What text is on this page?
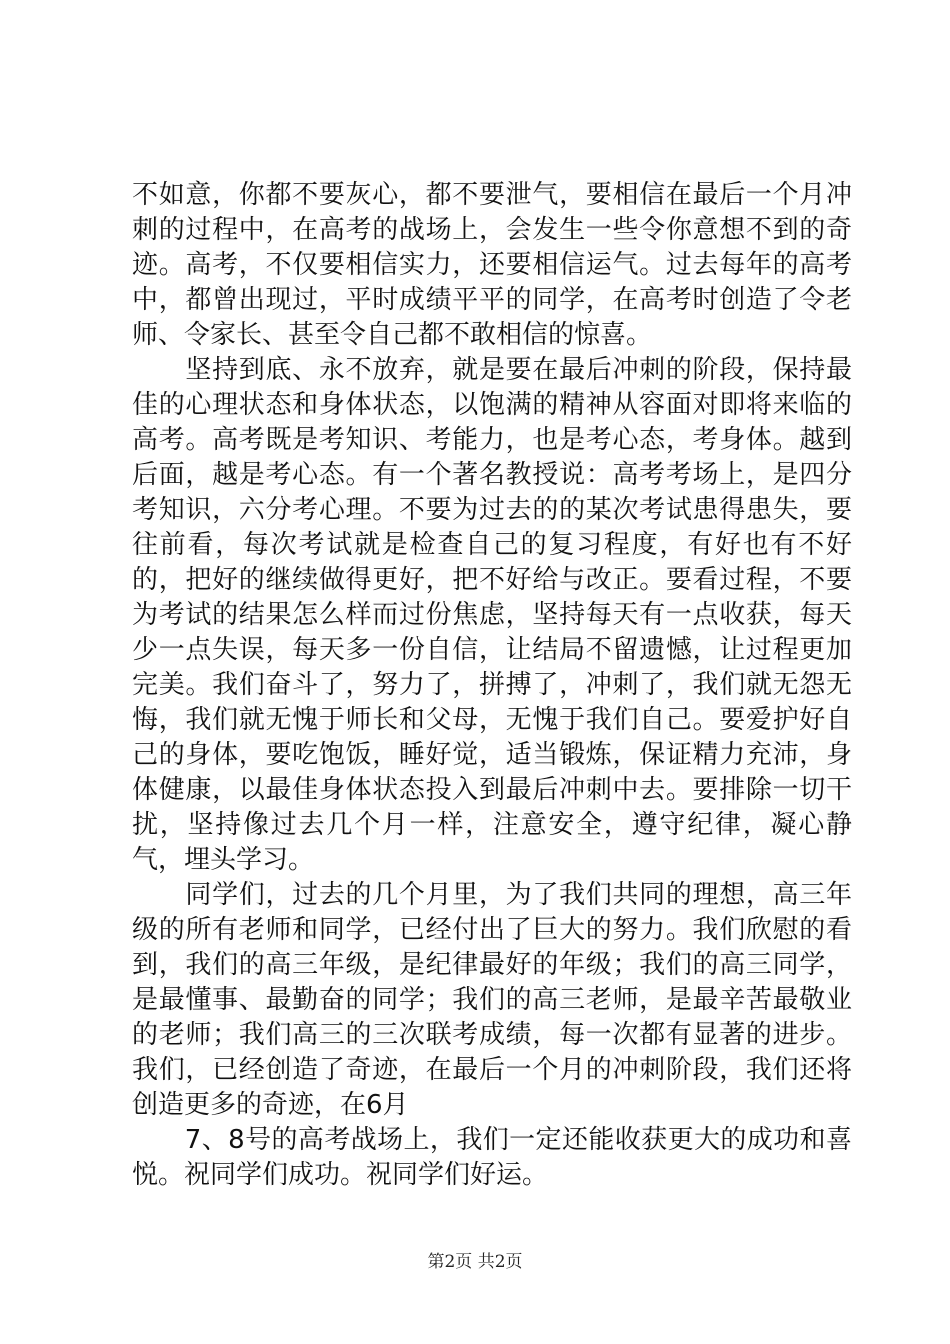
不如意，你都不要灰心，都不要泄气，要相信在最后一个月冲刺的过程中，在高考的战场上，会发生一些令你意想不到的奇迹。高考，不仅要相信实力，还要相信运气。过去每年的高考中，都曾出现过，平时成绩平平的同学，在高考时创造了令老师、令家长、甚至令自己都不敢相信的惊喜。

　　坚持到底、永不放弃，就是要在最后冲刺的阶段，保持最佳的心理状态和身体状态，以饱满的精神从容面对即将来临的高考。高考既是考知识、考能力，也是考心态，考身体。越到后面，越是考心态。有一个著名教授说：高考考场上，是四分考知识，六分考心理。不要为过去的的某次考试患得患失，要往前看，每次考试就是检查自己的复习程度，有好也有不好的，把好的继续做得更好，把不好给与改正。要看过程，不要为考试的结果怎么样而过份焦虑，坚持每天有一点收获，每天少一点失误，每天多一份自信，让结局不留遗憾，让过程更加完美。我们奋斗了，努力了，拼搏了，冲刺了，我们就无怨无悔，我们就无愧于师长和父母，无愧于我们自己。要爱护好自己的身体，要吃饱饭，睡好觉，适当锻炼，保证精力充沛，身体健康，以最佳身体状态投入到最后冲刺中去。要排除一切干扰，坚持像过去几个月一样，注意安全，遵守纪律，凝心静气，埋头学习。

　　同学们，过去的几个月里，为了我们共同的理想，高三年级的所有老师和同学，已经付出了巨大的努力。我们欣慰的看到，我们的高三年级，是纪律最好的年级；我们的高三同学，是最懂事、最勤奋的同学；我们的高三老师，是最辛苦最敬业的老师；我们高三的三次联考成绩，每一次都有显著的进步。我们，已经创造了奇迹，在最后一个月的冲刺阶段，我们还将创造更多的奇迹，在6月

　　7、8号的高考战场上，我们一定还能收获更大的成功和喜悦。祝同学们成功。祝同学们好运。

第2页 共2页
